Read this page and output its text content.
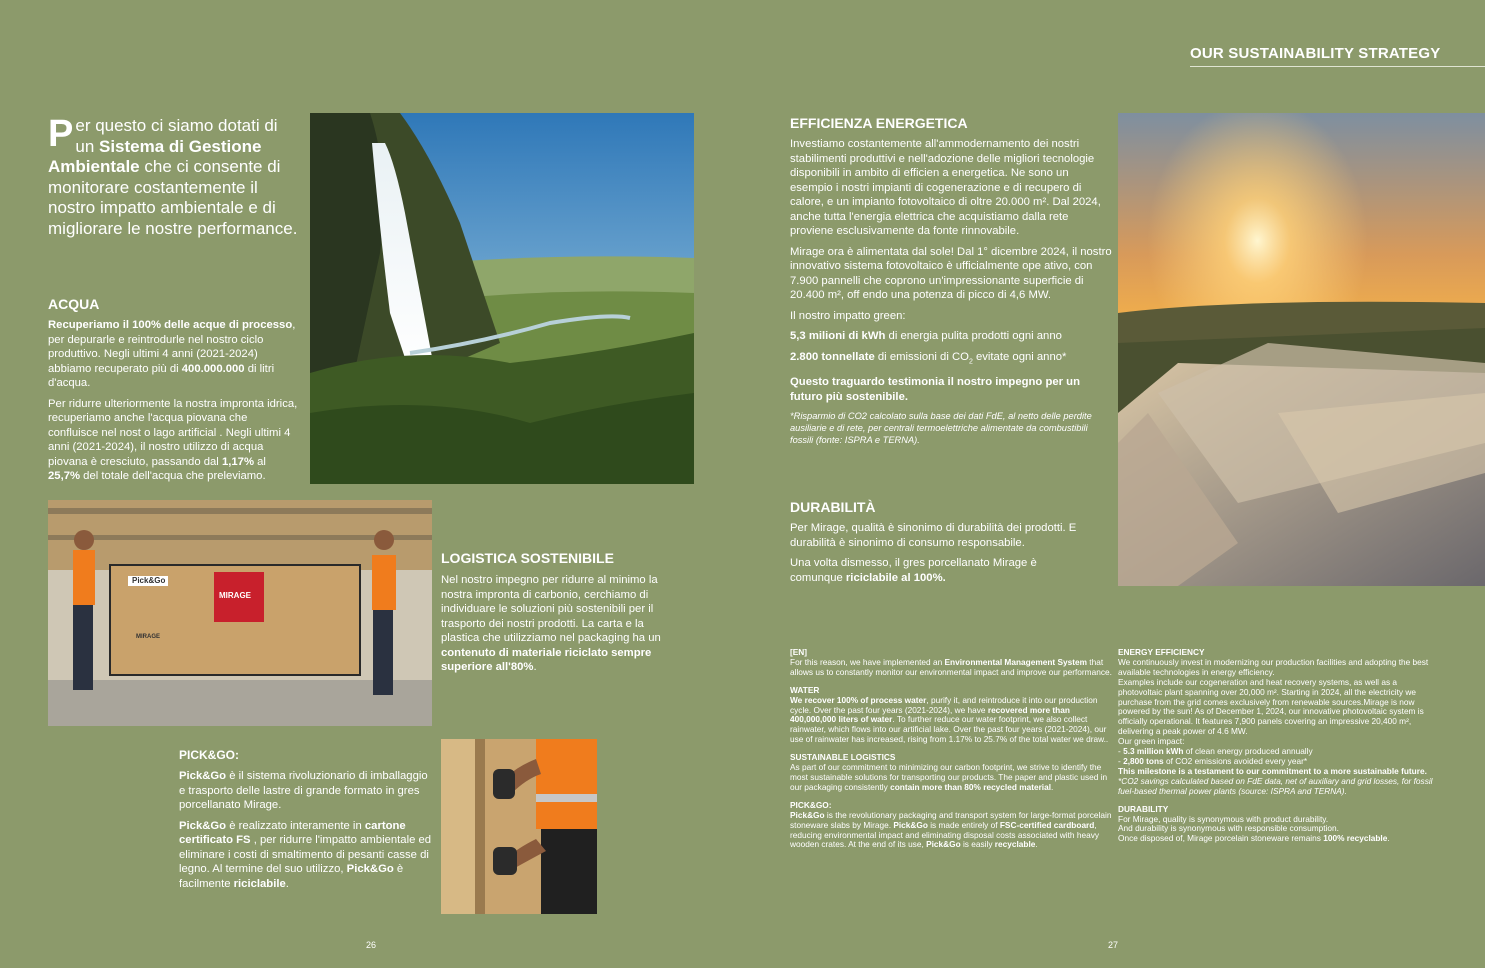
OUR SUSTAINABILITY STRATEGY
Per questo ci siamo dotati di un Sistema di Gestione Ambientale che ci consente di monitorare costantemente il nostro impatto ambientale e di migliorare le nostre performance.
ACQUA

Recuperiamo il 100% delle acque di processo, per depurarle e reintrodurle nel nostro ciclo produttivo. Negli ultimi 4 anni (2021-2024) abbiamo recuperato più di 400.000.000 di litri d'acqua.

Per ridurre ulteriormente la nostra impronta idrica, recuperiamo anche l'acqua piovana che confluisce nel nost o lago artificial . Negli ultimi 4 anni (2021-2024), il nostro utilizzo di acqua piovana è cresciuto, passando dal 1,17% al 25,7% del totale dell'acqua che preleviamo.

Pick&Go
MIRAGE
MIRAGE
LOGISTICA SOSTENIBILE

Nel nostro impegno per ridurre al minimo la nostra impronta di carbonio, cerchiamo di individuare le soluzioni più sostenibili per il trasporto dei nostri prodotti. La carta e la plastica che utilizziamo nel packaging ha un contenuto di materiale riciclato sempre superiore all'80%.

PICK&GO:

Pick&Go è il sistema rivoluzionario di imballaggio e trasporto delle lastre di grande formato in gres porcellanato Mirage.

Pick&Go è realizzato interamente in cartone certificato FS , per ridurre l'impatto ambientale ed eliminare i costi di smaltimento di pesanti casse di legno. Al termine del suo utilizzo, Pick&Go è facilmente riciclabile.

EFFICIENZA ENERGETICA

Investiamo costantemente all'ammodernamento dei nostri stabilimenti produttivi e nell'adozione delle migliori tecnologie disponibili in ambito di efficien a energetica. Ne sono un esempio i nostri impianti di cogenerazione e di recupero di calore, e un impianto fotovoltaico di oltre 20.000 m². Dal 2024, anche tutta l'energia elettrica che acquistiamo dalla rete proviene esclusivamente da fonte rinnovabile.

Mirage ora è alimentata dal sole! Dal 1° dicembre 2024, il nostro innovativo sistema fotovoltaico è ufficialmente ope ativo, con 7.900 pannelli che coprono un'impressionante superficie di 20.400 m², off endo una potenza di picco di 4,6 MW.

Il nostro impatto green:

5,3 milioni di kWh di energia pulita prodotti ogni anno

2.800 tonnellate di emissioni di $CO_2$ evitate ogni anno*

Questo traguardo testimonia il nostro impegno per un futuro più sostenibile.

*Risparmio di CO2 calcolato sulla base dei dati FdE, al netto delle perdite ausiliarie e di rete, per centrali termoelettriche alimentate da combustibili fossili (fonte: ISPRA e TERNA).

DURABILITÀ

Per Mirage, qualità è sinonimo di durabilità dei prodotti. E durabilità è sinonimo di consumo responsabile.

Una volta dismesso, il gres porcellanato Mirage è comunque riciclabile al 100%.

[EN]
For this reason, we have implemented an Environmental Management System that allows us to constantly monitor our environmental impact and improve our performance.
WATER
We recover 100% of process water, purify it, and reintroduce it into our production cycle. Over the past four years (2021-2024), we have recovered more than 400,000,000 liters of water. To further reduce our water footprint, we also collect rainwater, which flows into our artificial lake. Over the past four years (2021-2024), our use of rainwater has increased, rising from 1.17% to 25.7% of the total water we draw..
SUSTAINABLE LOGISTICS
As part of our commitment to minimizing our carbon footprint, we strive to identify the most sustainable solutions for transporting our products. The paper and plastic used in our packaging consistently contain more than 80% recycled material.
PICK&GO:
Pick&Go is the revolutionary packaging and transport system for large-format porcelain stoneware slabs by Mirage. Pick&Go is made entirely of FSC-certified cardboard, reducing environmental impact and eliminating disposal costs associated with heavy wooden crates. At the end of its use, Pick&Go is easily recyclable.
ENERGY EFFICIENCY
We continuously invest in modernizing our production facilities and adopting the best available technologies in energy efficiency.
Examples include our cogeneration and heat recovery systems, as well as a photovoltaic plant spanning over 20,000 m². Starting in 2024, all the electricity we purchase from the grid comes exclusively from renewable sources.Mirage is now powered by the sun! As of December 1, 2024, our innovative photovoltaic system is officially operational. It features 7,900 panels covering an impressive 20,400 m², delivering a peak power of 4.6 MW.
Our green impact:
- 5.3 million kWh of clean energy produced annually
- 2,800 tons of CO2 emissions avoided every year*
This milestone is a testament to our commitment to a more sustainable future.
*CO2 savings calculated based on FdE data, net of auxiliary and grid losses, for fossil fuel-based thermal power plants (source: ISPRA and TERNA).
DURABILITY
For Mirage, quality is synonymous with product durability.
And durability is synonymous with responsible consumption.
Once disposed of, Mirage porcelain stoneware remains 100% recyclable.
26	27
